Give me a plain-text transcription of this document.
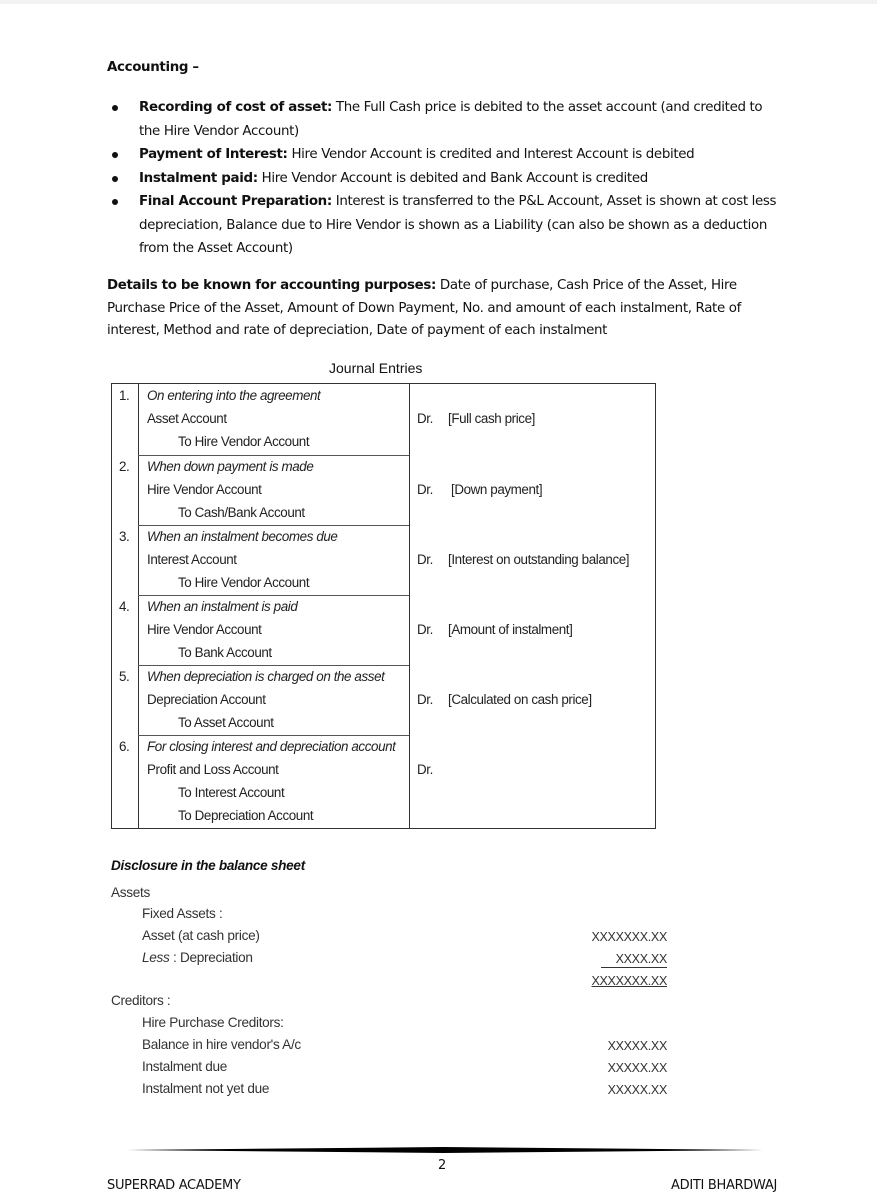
Accounting –
Recording of cost of asset: The Full Cash price is debited to the asset account (and credited to the Hire Vendor Account)
Payment of Interest: Hire Vendor Account is credited and Interest Account is debited
Instalment paid: Hire Vendor Account is debited and Bank Account is credited
Final Account Preparation: Interest is transferred to the P&L Account, Asset is shown at cost less depreciation, Balance due to Hire Vendor is shown as a Liability (can also be shown as a deduction from the Asset Account)
Details to be known for accounting purposes: Date of purchase, Cash Price of the Asset, Hire Purchase Price of the Asset, Amount of Down Payment, No. and amount of each instalment, Rate of interest, Method and rate of depreciation, Date of payment of each instalment
Journal Entries
1. On entering into the agreement
Asset Account
To Hire Vendor Account
Dr. [Full cash price]
2. When down payment is made
Hire Vendor Account
To Cash/Bank Account
Dr. [Down payment]
3. When an instalment becomes due
Interest Account
To Hire Vendor Account
Dr. [Interest on outstanding balance]
4. When an instalment is paid
Hire Vendor Account
To Bank Account
Dr. [Amount of instalment]
5. When depreciation is charged on the asset
Depreciation Account
To Asset Account
Dr. [Calculated on cash price]
6. For closing interest and depreciation account
Profit and Loss Account
To Interest Account
To Depreciation Account
Dr.
Disclosure in the balance sheet
Assets
Fixed Assets :
Asset (at cash price)
Less : Depreciation
Creditors :
Hire Purchase Creditors:
Balance in hire vendor's A/c
Instalment due
Instalment not yet due
XXXXXXX.XX
XXXX.XX
XXXXXXX.XX
XXXXX.XX
XXXXX.XX
XXXXX.XX
2
SUPERRAD ACADEMY	ADITI BHARDWAJ
